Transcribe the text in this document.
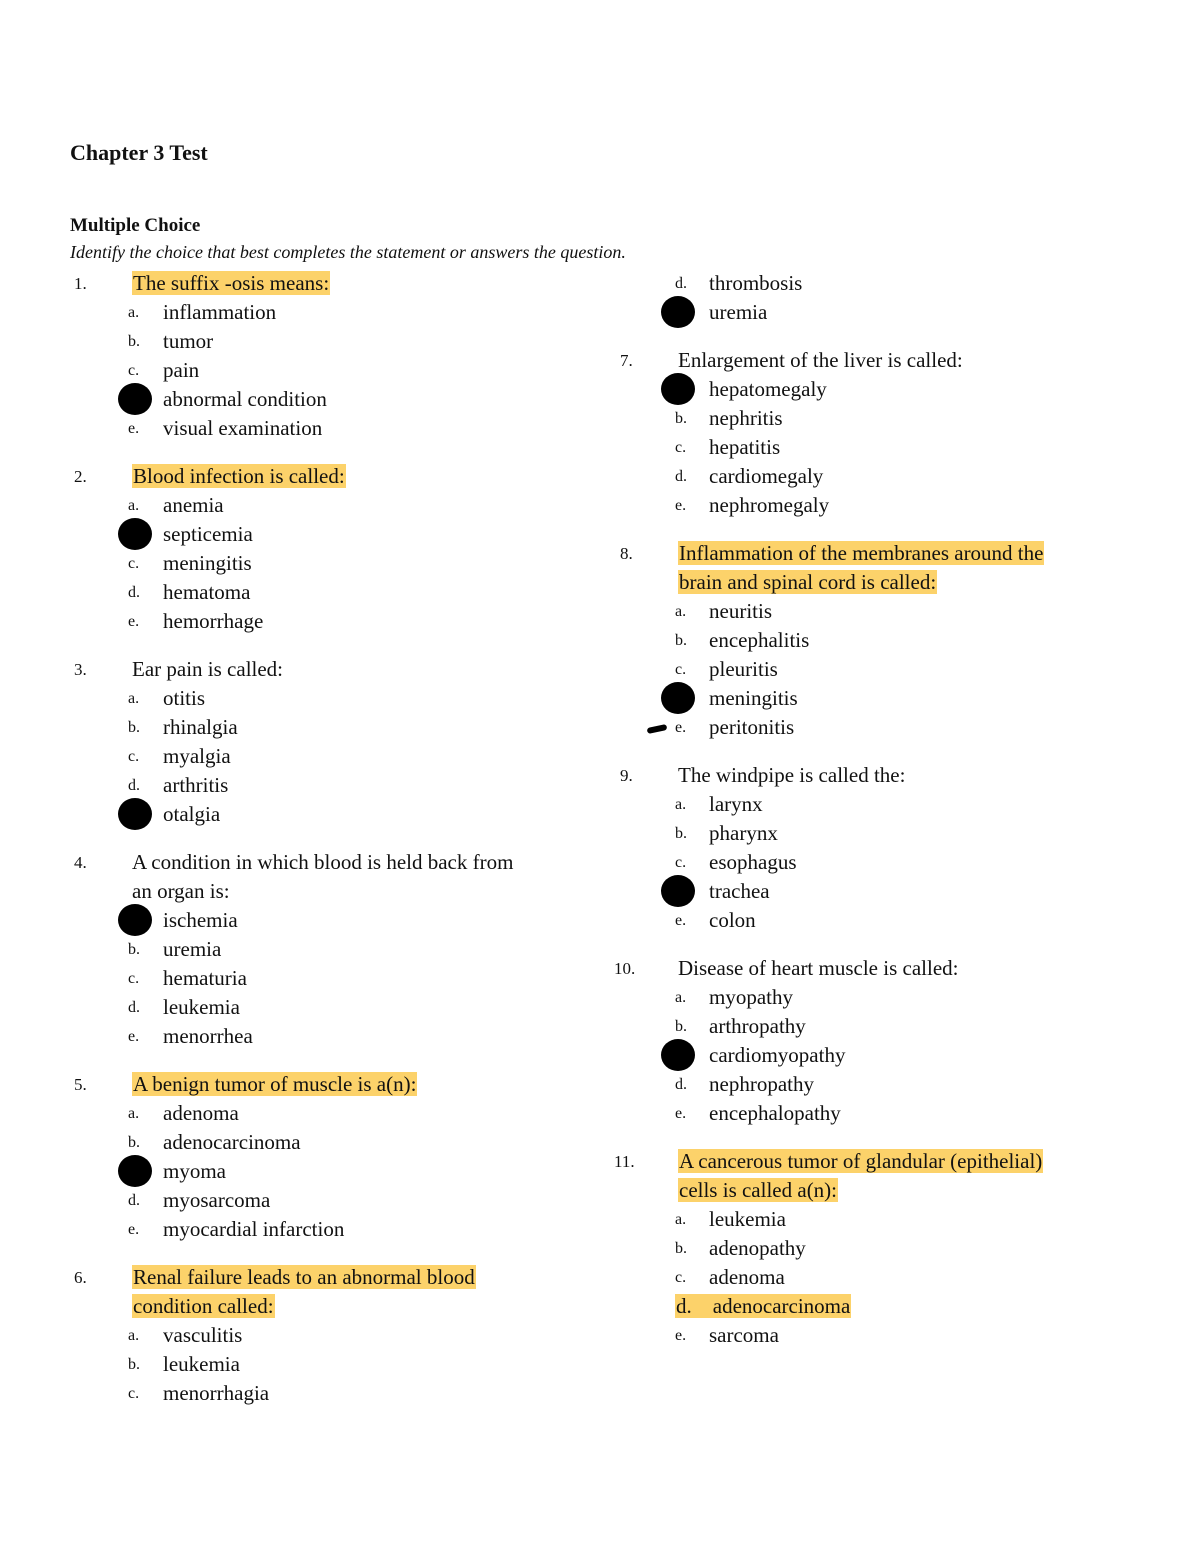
Chapter 3 Test
Multiple Choice
Identify the choice that best completes the statement or answers the question.
1. The suffix -osis means:
a. inflammation
b. tumor
c. pain
abnormal condition
e. visual examination
2. Blood infection is called:
a. anemia
septicemia
c. meningitis
d. hematoma
e. hemorrhage
3. Ear pain is called:
a. otitis
b. rhinalgia
c. myalgia
d. arthritis
otalgia
4. A condition in which blood is held back from
an organ is:
ischemia
b. uremia
c. hematuria
d. leukemia
e. menorrhea
5. A benign tumor of muscle is a(n):
a. adenoma
b. adenocarcinoma
myoma
d. myosarcoma
e. myocardial infarction
6. Renal failure leads to an abnormal blood
condition called:
a. vasculitis
b. leukemia
c. menorrhagia
d. thrombosis
uremia
7. Enlargement of the liver is called:
hepatomegaly
b. nephritis
c. hepatitis
d. cardiomegaly
e. nephromegaly
8. Inflammation of the membranes around the
brain and spinal cord is called:
a. neuritis
b. encephalitis
c. pleuritis
meningitis
e. peritonitis
9. The windpipe is called the:
a. larynx
b. pharynx
c. esophagus
trachea
e. colon
10.	Disease of heart muscle is called:
a. myopathy
b. arthropathy
cardiomyopathy
d. nephropathy
e. encephalopathy
11.	A cancerous tumor of glandular (epithelial)
cells is called a(n):
a. leukemia
b. adenopathy
c. adenoma
d.    adenocarcinoma
e. sarcoma
